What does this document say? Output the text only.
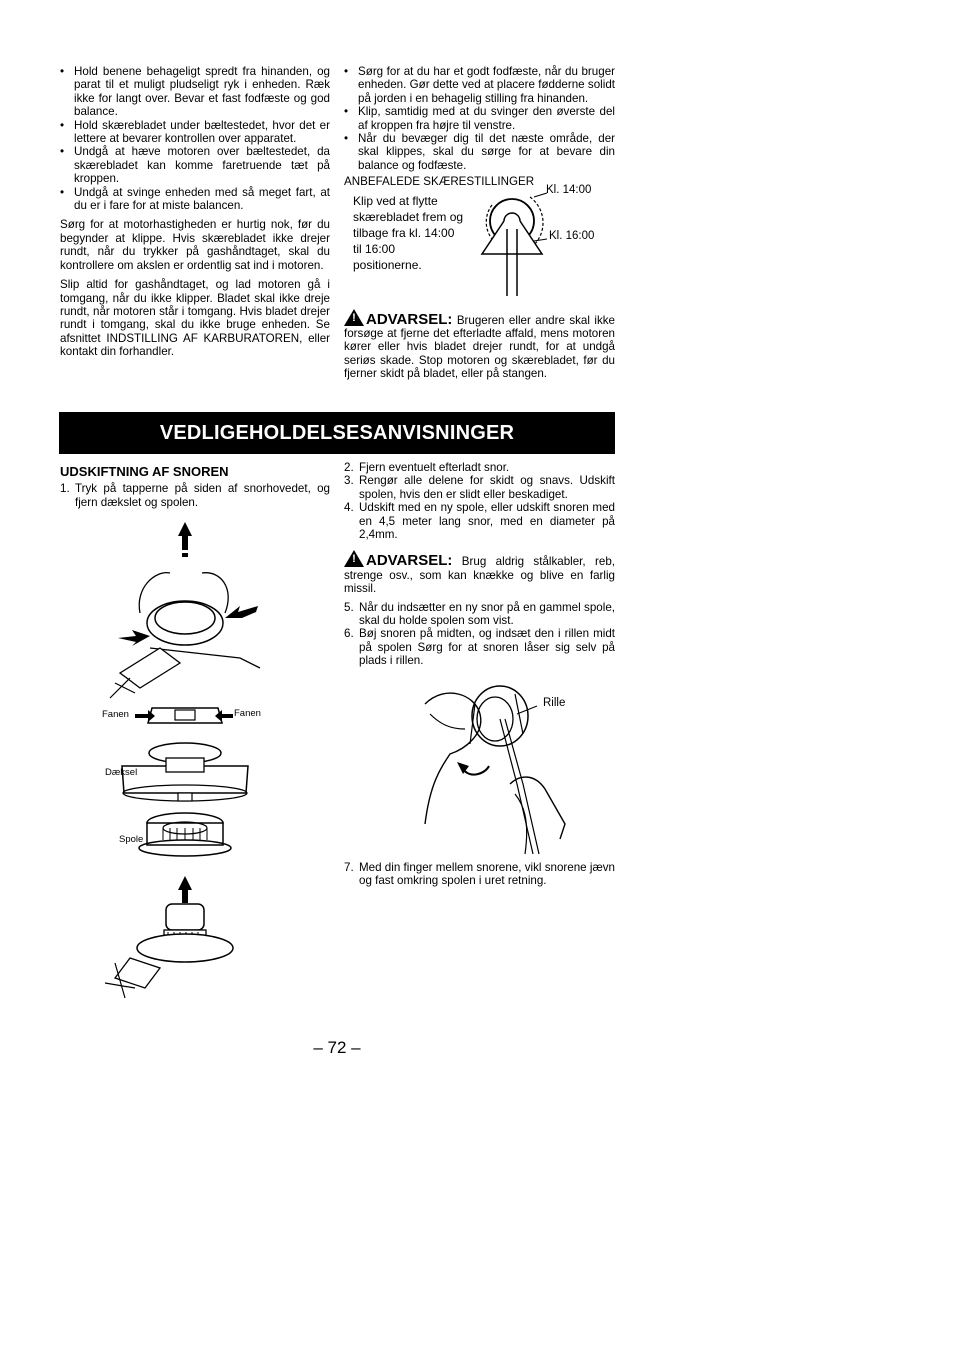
• Hold benene behageligt spredt fra hinanden, og parat til et muligt pludseligt ryk i enheden. Ræk ikke for langt over. Bevar et fast fodfæste og god balance.
• Hold skærebladet under bæltestedet, hvor det er lettere at bevarer kontrollen over apparatet.
• Undgå at hæve motoren over bæltestedet, da skærebladet kan komme faretruende tæt på kroppen.
• Undgå at svinge enheden med så meget fart, at du er i fare for at miste balancen.

Sørg for at motorhastigheden er hurtig nok, før du begynder at klippe. Hvis skærebladet ikke drejer rundt, når du trykker på gashåndtaget, skal du kontrollere om akslen er ordentlig sat ind i motoren.

Slip altid for gashåndtaget, og lad motoren gå i tomgang, når du ikke klipper. Bladet skal ikke dreje rundt, når motoren står i tomgang. Hvis bladet drejer rundt i tomgang, skal du ikke bruge enheden. Se afsnittet INDSTILLING AF KARBURATOREN, eller kontakt din forhandler.

• Sørg for at du har et godt fodfæste, når du bruger enheden. Gør dette ved at placere fødderne solidt på jorden i en behagelig stilling fra hinanden.
• Klip, samtidig med at du svinger den øverste del af kroppen fra højre til venstre.
• Når du bevæger dig til det næste område, der skal klippes, skal du sørge for at bevare din balance og fodfæste.
ANBEFALEDE SKÆRESTILLINGER
Klip ved at flytte skærebladet frem og tilbage fra kl. 14:00 til 16:00 positionerne.
Kl. 14:00
Kl. 16:00
! ADVARSEL: Brugeren eller andre skal ikke forsøge at fjerne det efterladte affald, mens motoren kører eller hvis bladet drejer rundt, for at undgå seriøs skade. Stop motoren og skærebladet, før du fjerner skidt på bladet, eller på stangen.
VEDLIGEHOLDELSESANVISNINGER
UDSKIFTNING AF SNOREN
1. Tryk på tapperne på siden af snorhovedet, og fjern dækslet og spolen.
Fanen	Fanen
Dæksel
Spole
2. Fjern eventuelt efterladt snor.
3. Rengør alle delene for skidt og snavs. Udskift spolen, hvis den er slidt eller beskadiget.
4. Udskift med en ny spole, eller udskift snoren med en 4,5 meter lang snor, med en diameter på 2,4mm.
! ADVARSEL: Brug aldrig stålkabler, reb, strenge osv., som kan knække og blive en farlig missil.
5. Når du indsætter en ny snor på en gammel spole, skal du holde spolen som vist.
6. Bøj snoren på midten, og indsæt den i rillen midt på spolen Sørg for at snoren låser sig selv på plads i rillen.
Rille
7. Med din finger mellem snorene, vikl snorene jævn og fast omkring spolen i uret retning.
– 72 –
